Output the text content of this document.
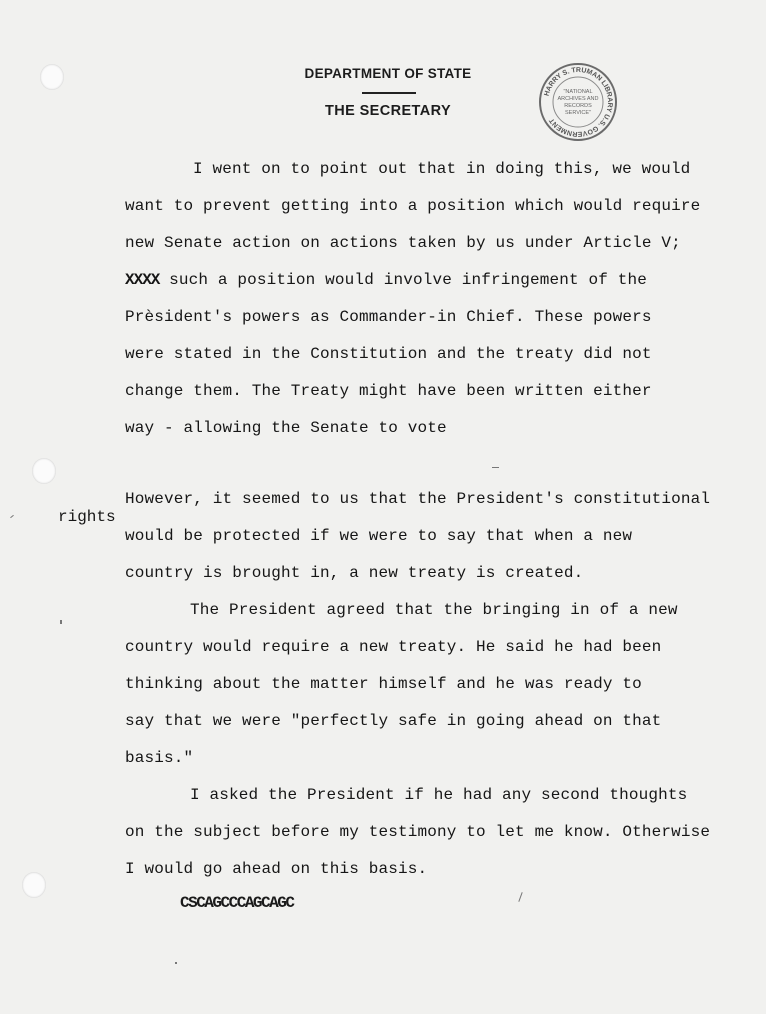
DEPARTMENT OF STATE
THE SECRETARY
HARRY S. TRUMAN LIBRARY U.S. GOVERNMENT
"NATIONAL
ARCHIVES AND
RECORDS
SERVICE"
I went on to point out that in doing this, we would
want to prevent getting into a position which would require
new Senate action on actions taken by us under Article V;
XXXX such a position would involve infringement of the
Prèsident's powers as Commander-in Chief. These powers
were stated in the Constitution and the treaty did not
change them. The Treaty might have been written either
way - allowing the Senate to vote
However, it seemed to us that the President's constitutional
rights
would be protected if we were to say that when a new
country is brought in, a new treaty is created.
The President agreed that the bringing in of a new
country would require a new treaty. He said he had been
thinking about the matter himself and he was ready to
say that we were "perfectly safe in going ahead on that
basis."
I asked the President if he had any second thoughts
on the subject before my testimony to let me know. Otherwise
I would go ahead on this basis.
CSCAGCCCAGCAGC
